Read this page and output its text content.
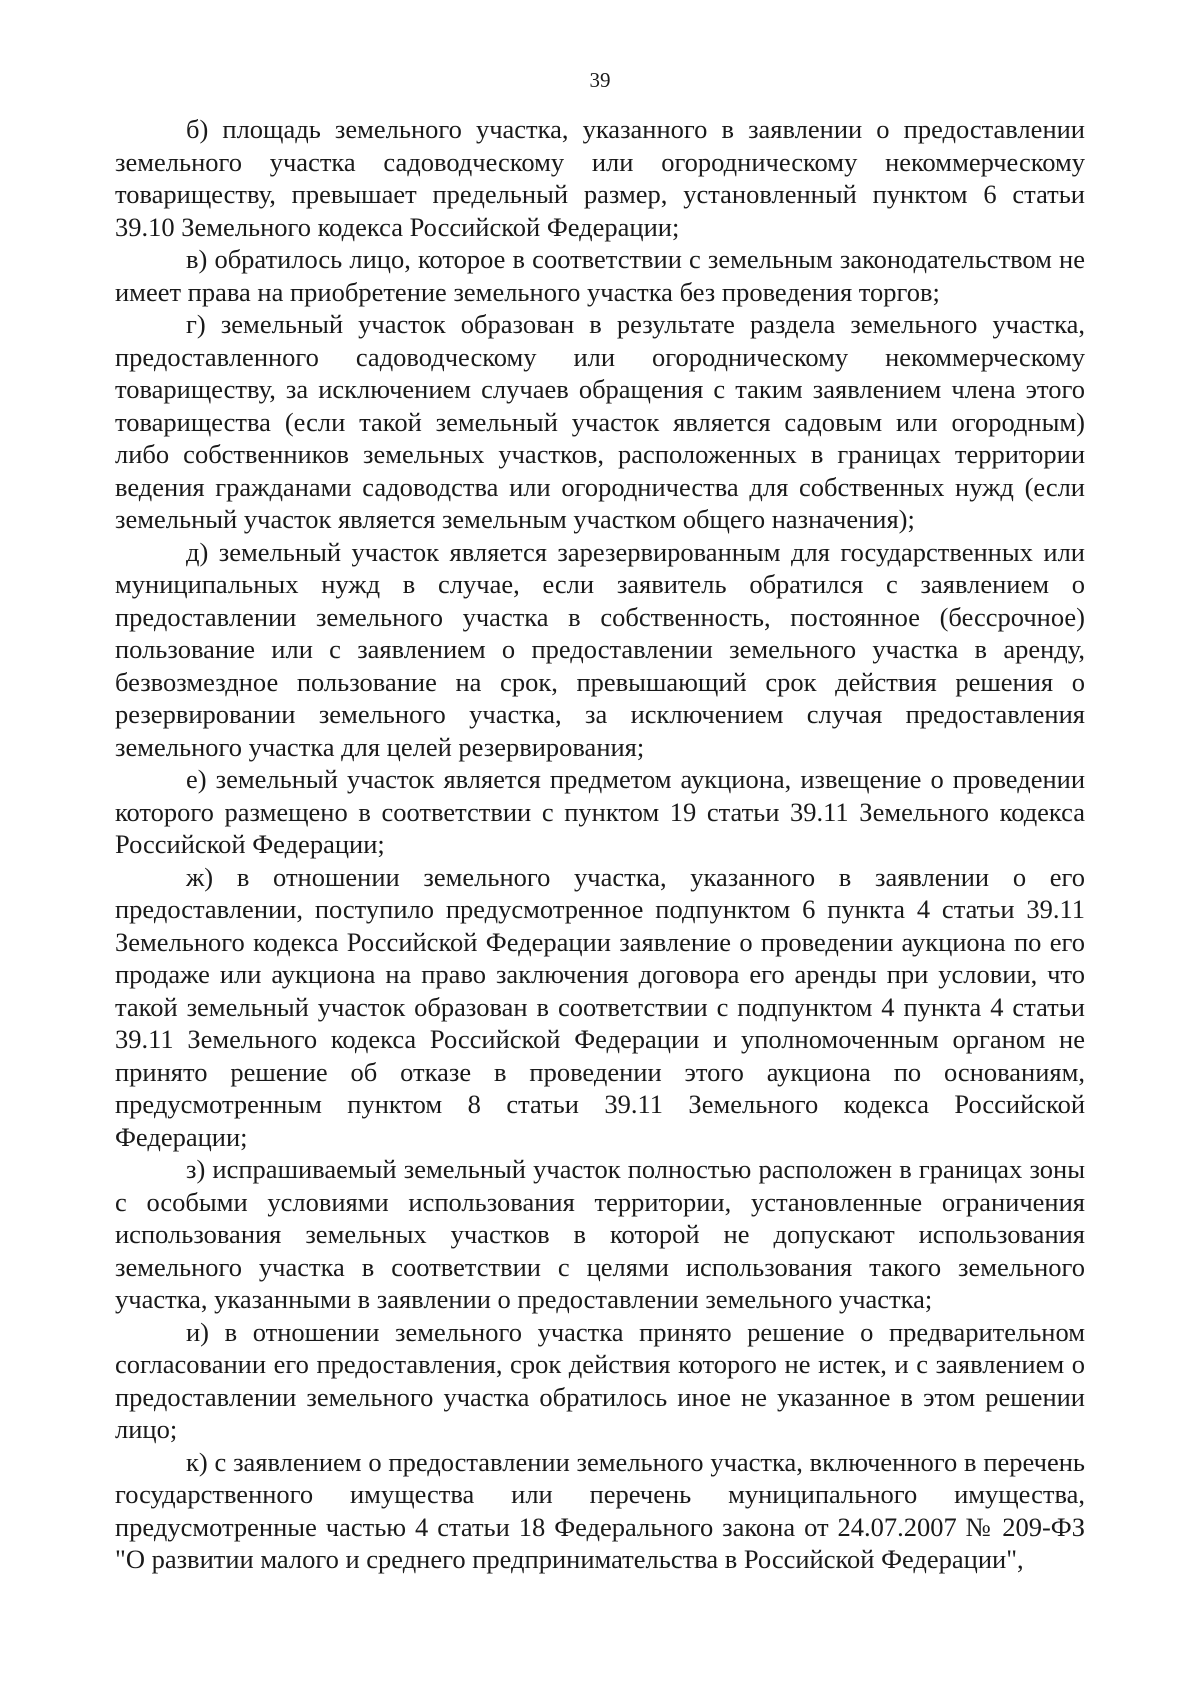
39

б) площадь земельного участка, указанного в заявлении о предоставлении земельного участка садоводческому или огородническому некоммерческому товариществу, превышает предельный размер, установленный пунктом 6 статьи 39.10 Земельного кодекса Российской Федерации;

в) обратилось лицо, которое в соответствии с земельным законодательством не имеет права на приобретение земельного участка без проведения торгов;

г) земельный участок образован в результате раздела земельного участка, предоставленного садоводческому или огородническому некоммерческому товариществу, за исключением случаев обращения с таким заявлением члена этого товарищества (если такой земельный участок является садовым или огородным) либо собственников земельных участков, расположенных в границах территории ведения гражданами садоводства или огородничества для собственных нужд (если земельный участок является земельным участком общего назначения);

д) земельный участок является зарезервированным для государственных или муниципальных нужд в случае, если заявитель обратился с заявлением о предоставлении земельного участка в собственность, постоянное (бессрочное) пользование или с заявлением о предоставлении земельного участка в аренду, безвозмездное пользование на срок, превышающий срок действия решения о резервировании земельного участка, за исключением случая предоставления земельного участка для целей резервирования;

е) земельный участок является предметом аукциона, извещение о проведении которого размещено в соответствии с пунктом 19 статьи 39.11 Земельного кодекса Российской Федерации;

ж) в отношении земельного участка, указанного в заявлении о его предоставлении, поступило предусмотренное подпунктом 6 пункта 4 статьи 39.11 Земельного кодекса Российской Федерации заявление о проведении аукциона по его продаже или аукциона на право заключения договора его аренды при условии, что такой земельный участок образован в соответствии с подпунктом 4 пункта 4 статьи 39.11 Земельного кодекса Российской Федерации и уполномоченным органом не принято решение об отказе в проведении этого аукциона по основаниям, предусмотренным пунктом 8 статьи 39.11 Земельного кодекса Российской Федерации;

з) испрашиваемый земельный участок полностью расположен в границах зоны с особыми условиями использования территории, установленные ограничения использования земельных участков в которой не допускают использования земельного участка в соответствии с целями использования такого земельного участка, указанными в заявлении о предоставлении земельного участка;

и) в отношении земельного участка принято решение о предварительном согласовании его предоставления, срок действия которого не истек, и с заявлением о предоставлении земельного участка обратилось иное не указанное в этом решении лицо;

к) с заявлением о предоставлении земельного участка, включенного в перечень государственного имущества или перечень муниципального имущества, предусмотренные частью 4 статьи 18 Федерального закона от 24.07.2007 № 209-ФЗ "О развитии малого и среднего предпринимательства в Российской Федерации",
